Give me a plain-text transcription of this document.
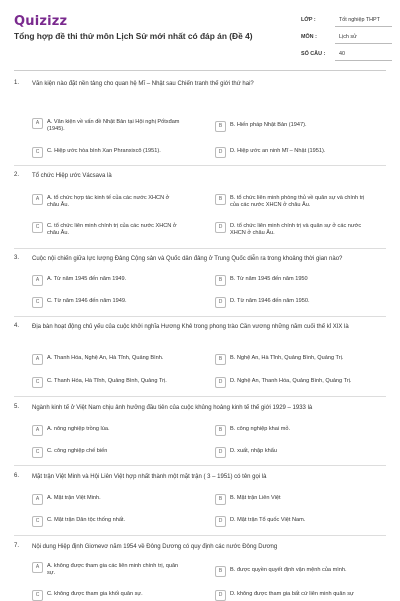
Quizizz
Tổng hợp đề thi thử môn Lịch Sử mới nhất có đáp án (Đề 4)
LỚP :	Tốt nghiệp THPT
MÔN :	Lịch sử
SỐ CÂU :	40
1. Văn kiện nào đặt nền tảng cho quan hệ Mĩ – Nhật sau Chiến tranh thế giới thứ hai?
A	A. Văn kiện về vấn đề Nhật Bản tại Hội nghị Pốtxđam (1945).
B	B. Hiến pháp Nhật Bản (1947).
C	C. Hiệp ước hòa bình Xan Phranxixcô (1951).	D	D. Hiệp ước an ninh Mĩ – Nhật (1951).
2. Tổ chức Hiệp ước Vácsava là
A	A. tổ chức hợp tác kinh tế của các nước XHCN ở châu Âu.
B	B. tổ chức liên minh phòng thủ về quân sự và chính trị của các nước XHCN ở châu Âu.
C	C. tổ chức liên minh chính trị của các nước XHCN ở châu Âu.
D	D. tổ chức liên minh chính trị và quân sự ở các nước XHCN ở châu Âu.
3. Cuộc nội chiến giữa lực lượng Đảng Cộng sản và Quốc dân đảng ở Trung Quốc diễn ra trong khoảng thời gian nào?
A	A. Từ năm 1945 đến năm 1949.	B	B. Từ năm 1945 đến năm 1950
C	C. Từ năm 1946 đến năm 1949.	D	D. Từ năm 1946 đến năm 1950.
4. Địa bàn hoạt động chủ yếu của cuộc khởi nghĩa Hương Khê trong phong trào Cần vương những năm cuối thế kỉ XIX là
A	A. Thanh Hóa, Nghệ An, Hà Tĩnh, Quảng Bình.	B	B. Nghệ An, Hà Tĩnh, Quảng Bình, Quảng Trị.
C	C. Thanh Hóa, Hà Tĩnh, Quảng Bình, Quảng Trị.	D	D. Nghệ An, Thanh Hóa, Quảng Bình, Quảng Trị.
5. Ngành kinh tế ở Việt Nam chịu ảnh hưởng đầu tiên của cuộc khủng hoảng kinh tế thế giới 1929 – 1933 là
A	A. nông nghiệp trồng lúa.	B	B. công nghiệp khai mỏ.
C	C. công nghiệp chế biến	D	D. xuất, nhập khẩu
6. Mặt trận Việt Minh và Hội Liên Việt hợp nhất thành một mặt trận ( 3 – 1951) có tên gọi là
A	A. Mặt trận Việt Minh.	B	B. Mặt trận Liên Việt
C	C. Mặt trận Dân tộc thống nhất.	D	D. Mặt trận Tổ quốc Việt Nam.
7. Nội dung Hiệp định Giơnevơ năm 1954 về Đông Dương có quy định các nước Đông Dương
A	A. không được tham gia các liên minh chính trị, quân sự.	B	B. được quyền quyết định vận mệnh của mình.
C	C. không được tham gia khối quân sự.	D	D. không được tham gia bất cứ liên minh quân sự
